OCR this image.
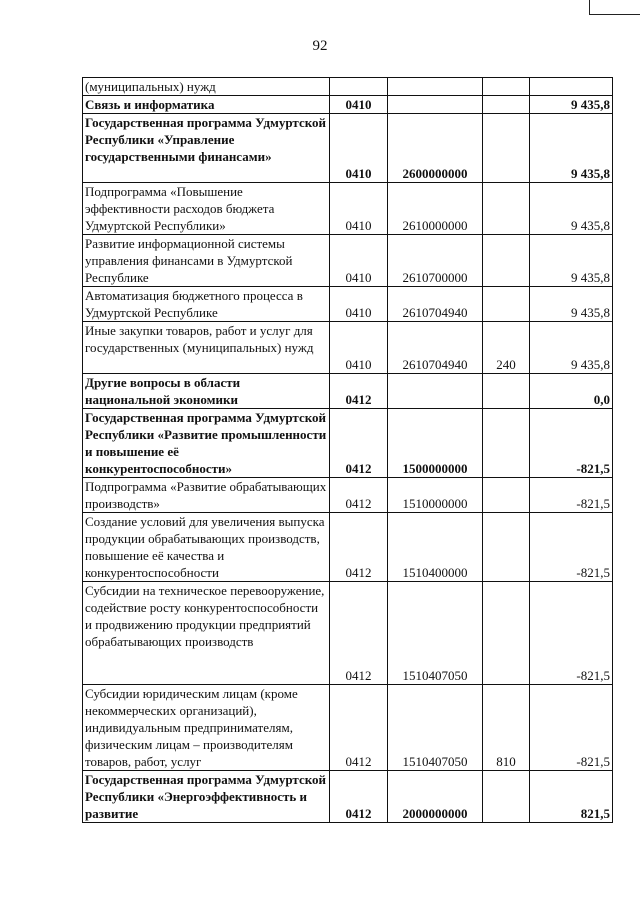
92
(муниципальных) нужд				
Связь и информатика	0410			9 435,8
Государственная программа Удмуртской Республики «Управление государственными финансами»	0410	2600000000		9 435,8
Подпрограмма «Повышение эффективности расходов бюджета Удмуртской Республики»	0410	2610000000		9 435,8
Развитие информационной системы управления финансами в Удмуртской Республике	0410	2610700000		9 435,8
Автоматизация бюджетного процесса в Удмуртской Республике	0410	2610704940		9 435,8
Иные закупки товаров, работ и услуг для государственных (муниципальных) нужд	0410	2610704940	240	9 435,8
Другие вопросы в области национальной экономики	0412			0,0
Государственная программа Удмуртской Республики «Развитие промышленности и повышение её конкурентоспособности»	0412	1500000000		-821,5
Подпрограмма «Развитие обрабатывающих производств»	0412	1510000000		-821,5
Создание условий для увеличения выпуска продукции обрабатывающих производств, повышение её качества и конкурентоспособности	0412	1510400000		-821,5
Субсидии на техническое перевооружение, содействие росту конкурентоспособности и продвижению продукции предприятий обрабатывающих производств	0412	1510407050		-821,5
Субсидии юридическим лицам (кроме некоммерческих организаций), индивидуальным предпринимателям, физическим лицам – производителям товаров, работ, услуг	0412	1510407050	810	-821,5
Государственная программа Удмуртской Республики «Энергоэффективность и развитие	0412	2000000000		821,5
